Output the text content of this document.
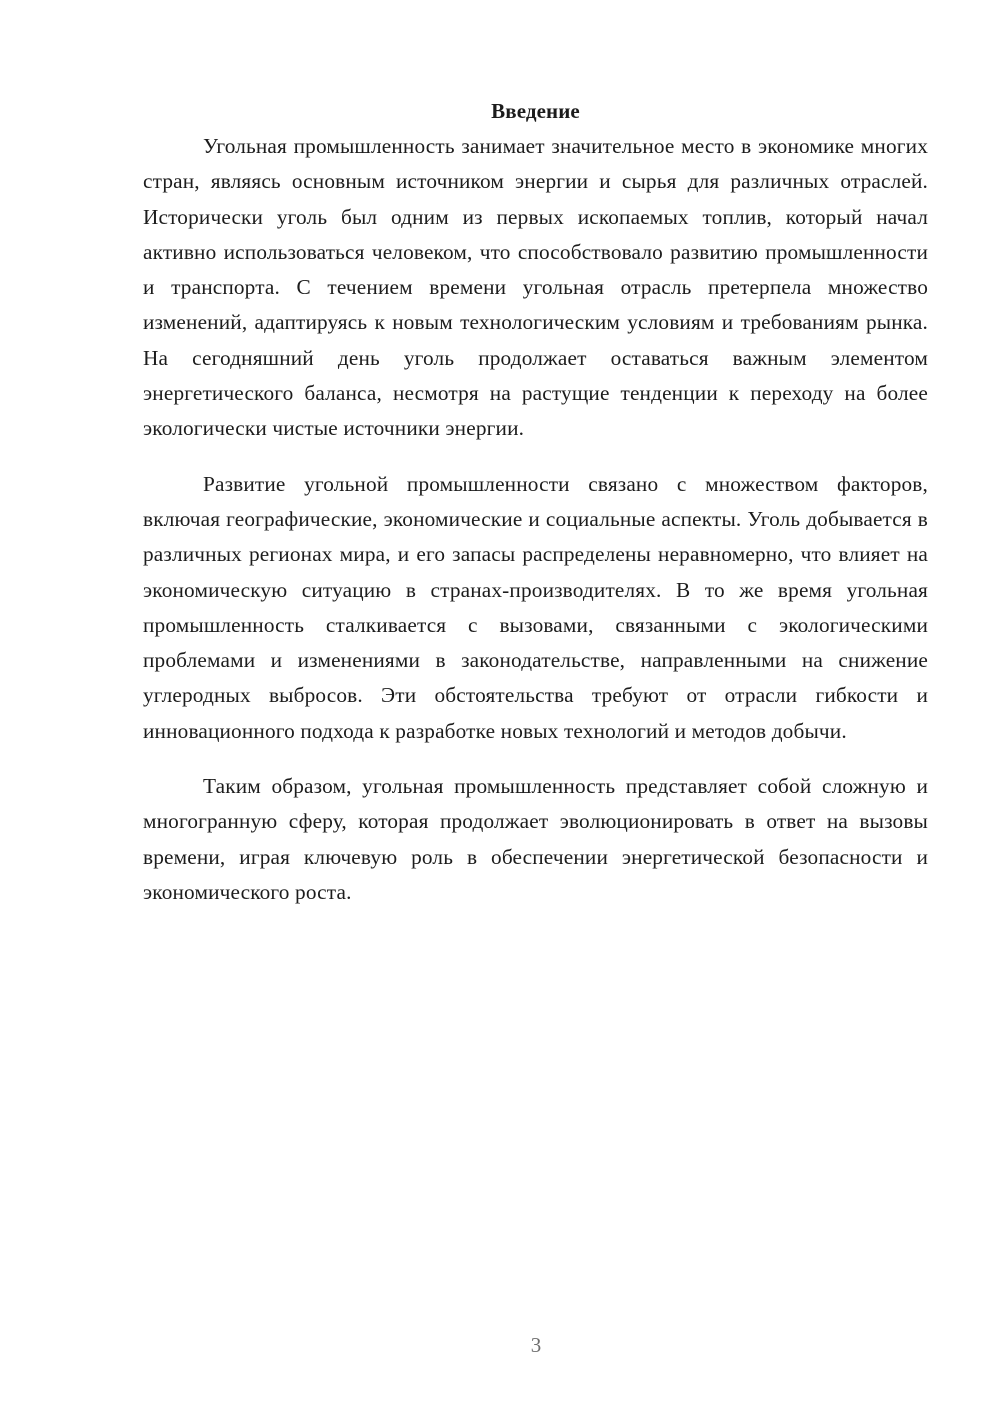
Введение

Угольная промышленность занимает значительное место в экономике многих стран, являясь основным источником энергии и сырья для различных отраслей. Исторически уголь был одним из первых ископаемых топлив, который начал активно использоваться человеком, что способствовало развитию промышленности и транспорта. С течением времени угольная отрасль претерпела множество изменений, адаптируясь к новым технологическим условиям и требованиям рынка. На сегодняшний день уголь продолжает оставаться важным элементом энергетического баланса, несмотря на растущие тенденции к переходу на более экологически чистые источники энергии.

Развитие угольной промышленности связано с множеством факторов, включая географические, экономические и социальные аспекты. Уголь добывается в различных регионах мира, и его запасы распределены неравномерно, что влияет на экономическую ситуацию в странах-производителях. В то же время угольная промышленность сталкивается с вызовами, связанными с экологическими проблемами и изменениями в законодательстве, направленными на снижение углеродных выбросов. Эти обстоятельства требуют от отрасли гибкости и инновационного подхода к разработке новых технологий и методов добычи.

Таким образом, угольная промышленность представляет собой сложную и многогранную сферу, которая продолжает эволюционировать в ответ на вызовы времени, играя ключевую роль в обеспечении энергетической безопасности и экономического роста.

3
